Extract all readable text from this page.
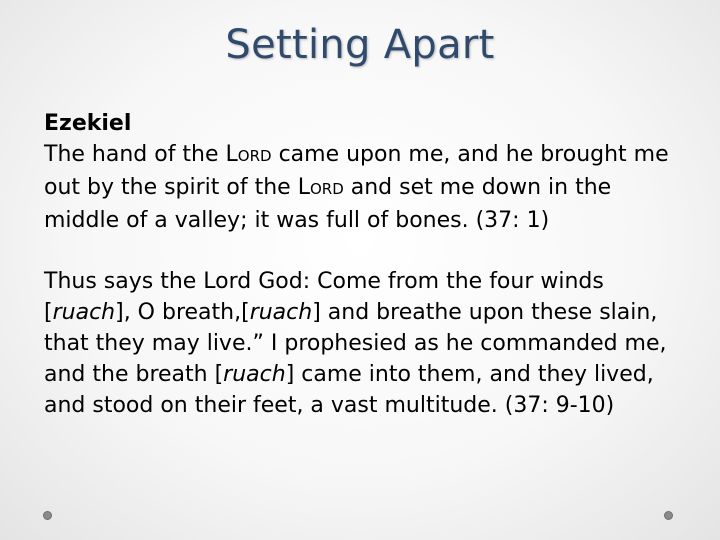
Setting Apart

Ezekiel

The hand of the LORD came upon me, and he brought me out by the spirit of the LORD and set me down in the middle of a valley; it was full of bones. (37: 1)

Thus says the Lord God: Come from the four winds [ruach], O breath,[ruach] and breathe upon these slain, that they may live.” I prophesied as he commanded me, and the breath [ruach] came into them, and they lived, and stood on their feet, a vast multitude. (37: 9-10)
